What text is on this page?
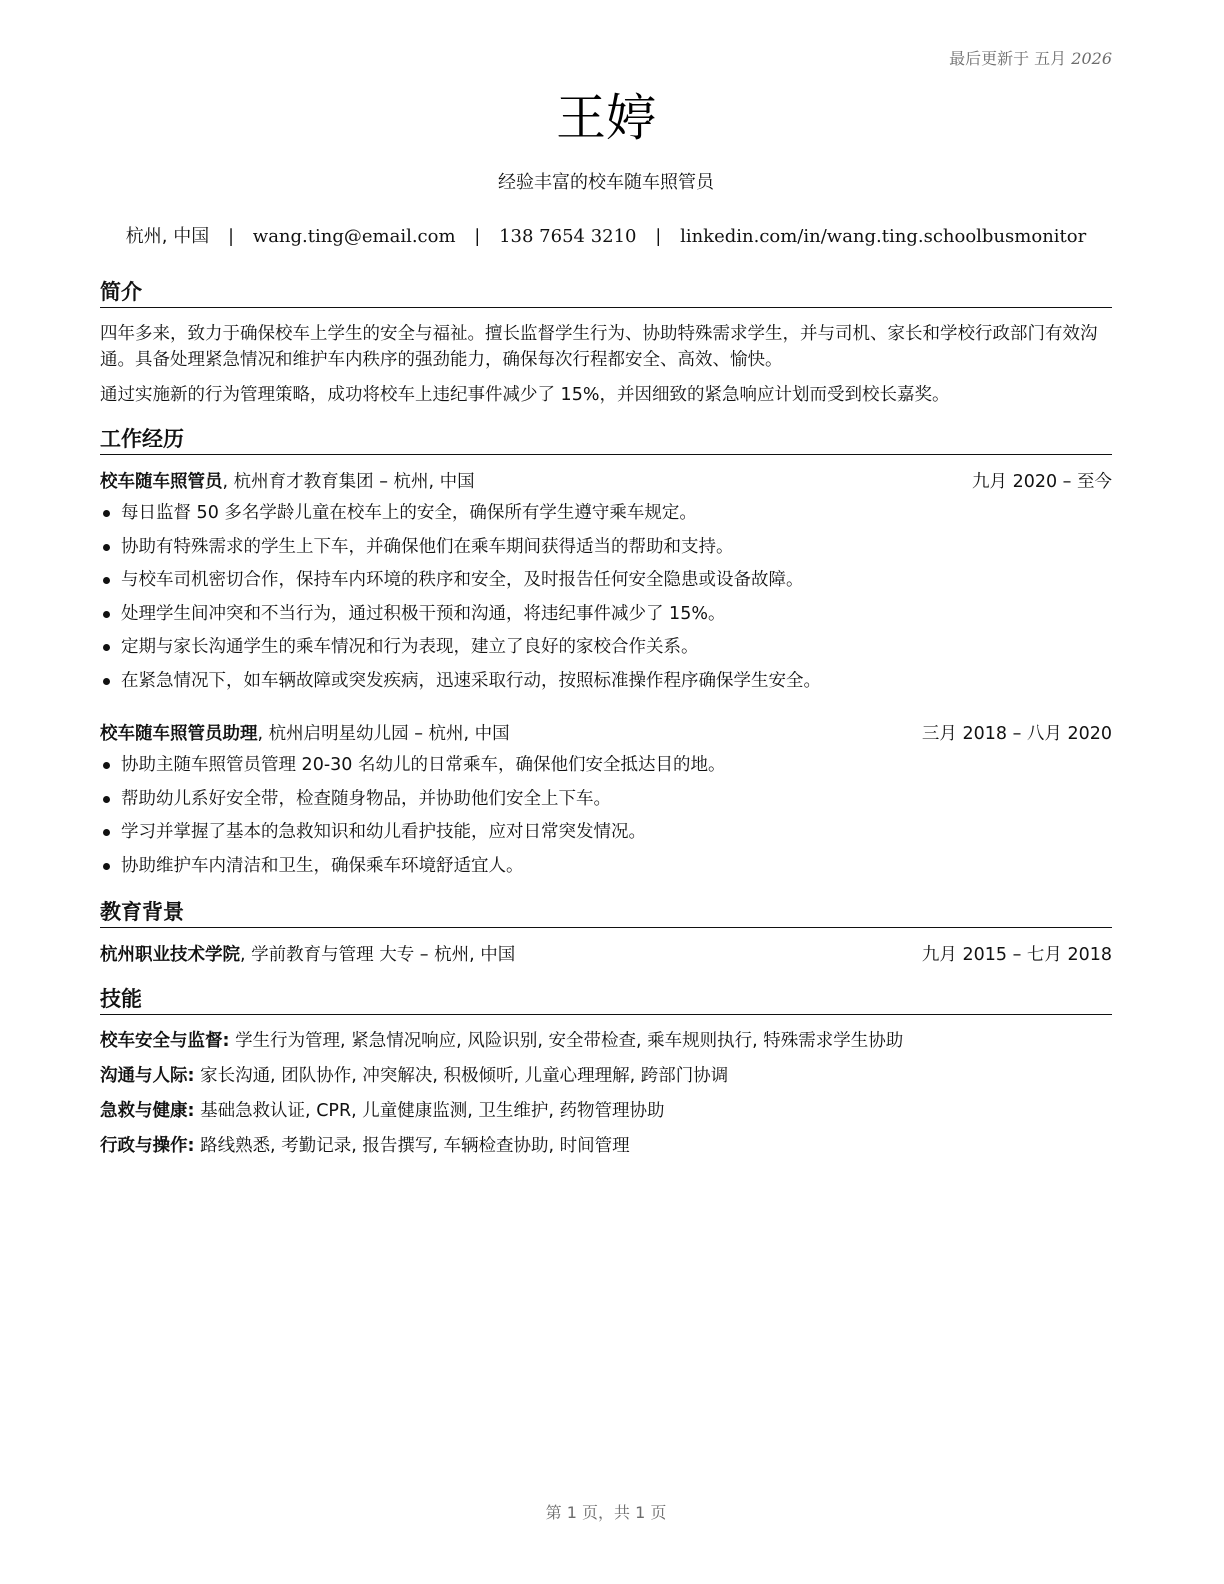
最后更新于 五月 2026
王婷
经验丰富的校车随车照管员
杭州, 中国 | wang.ting@email.com | 138 7654 3210 | linkedin.com/in/wang.ting.schoolbusmonitor
简介
四年多来，致力于确保校车上学生的安全与福祉。擅长监督学生行为、协助特殊需求学生，并与司机、家长和学校行政部门有效沟通。具备处理紧急情况和维护车内秩序的强劲能力，确保每次行程都安全、高效、愉快。
通过实施新的行为管理策略，成功将校车上违纪事件减少了 15%，并因细致的紧急响应计划而受到校长嘉奖。
工作经历
校车随车照管员, 杭州育才教育集团 – 杭州, 中国	九月 2020 – 至今
每日监督 50 多名学龄儿童在校车上的安全，确保所有学生遵守乘车规定。
协助有特殊需求的学生上下车，并确保他们在乘车期间获得适当的帮助和支持。
与校车司机密切合作，保持车内环境的秩序和安全，及时报告任何安全隐患或设备故障。
处理学生间冲突和不当行为，通过积极干预和沟通，将违纪事件减少了 15%。
定期与家长沟通学生的乘车情况和行为表现，建立了良好的家校合作关系。
在紧急情况下，如车辆故障或突发疾病，迅速采取行动，按照标准操作程序确保学生安全。
校车随车照管员助理, 杭州启明星幼儿园 – 杭州, 中国	三月 2018 – 八月 2020
协助主随车照管员管理 20-30 名幼儿的日常乘车，确保他们安全抵达目的地。
帮助幼儿系好安全带，检查随身物品，并协助他们安全上下车。
学习并掌握了基本的急救知识和幼儿看护技能，应对日常突发情况。
协助维护车内清洁和卫生，确保乘车环境舒适宜人。
教育背景
杭州职业技术学院, 学前教育与管理 大专 – 杭州, 中国	九月 2015 – 七月 2018
技能
校车安全与监督: 学生行为管理, 紧急情况响应, 风险识别, 安全带检查, 乘车规则执行, 特殊需求学生协助
沟通与人际: 家长沟通, 团队协作, 冲突解决, 积极倾听, 儿童心理理解, 跨部门协调
急救与健康: 基础急救认证, CPR, 儿童健康监测, 卫生维护, 药物管理协助
行政与操作: 路线熟悉, 考勤记录, 报告撰写, 车辆检查协助, 时间管理
第 1 页，共 1 页
